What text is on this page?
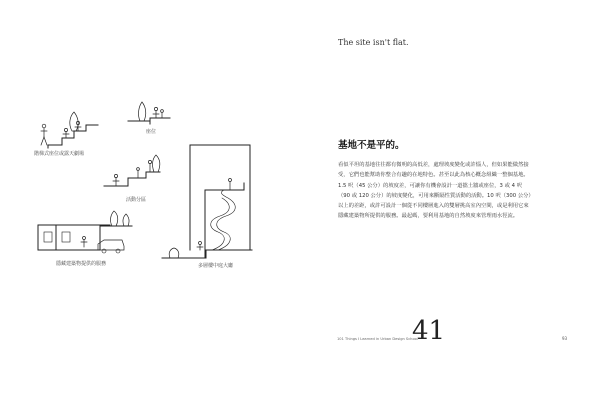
階梯式座位或露天劇場
座位
活動分區
隱藏建築物提供的服務	多層樓中庭大廳
The site isn't flat.
基地不是平的。
看似平坦的基地往往都有微明的高低差，處理坡度變化或許惱人，但如果能做然接
受，它們也能幫助你整合有趣的在地特色。甚至以此為核心概念組織一整個基地。
1.5 呎（45 公分）的坡度差，可讓你有機會設計一道擋土牆或座位，3 或 4 呎
（90 或 120 公分）的坡度變化，可用來斷隔性質活動的活動。10 呎（300 公分）
以上的差距，或許可設計一個從不同樓層進入的雙層挑高室內空間，或是利用它來
隱藏建築物所提供的服務。最起碼，要利用基地的自然坡度來管理雨水徑流。
101 Things I Learned in Urban Design School
41	93
